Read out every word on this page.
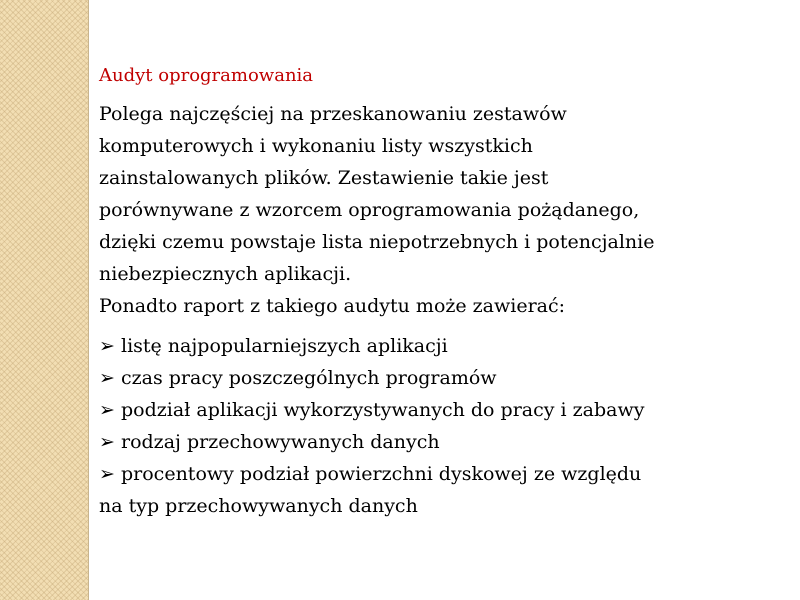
Audyt oprogramowania

Polega najczęściej na przeskanowaniu zestawów
komputerowych i wykonaniu listy wszystkich
zainstalowanych plików. Zestawienie takie jest
porównywane z wzorcem oprogramowania pożądanego,
dzięki czemu powstaje lista niepotrzebnych i potencjalnie
niebezpiecznych aplikacji.
Ponadto raport z takiego audytu może zawierać:

➢ listę najpopularniejszych aplikacji
➢ czas pracy poszczególnych programów
➢ podział aplikacji wykorzystywanych do pracy i zabawy
➢ rodzaj przechowywanych danych
➢ procentowy podział powierzchni dyskowej ze względu
na typ przechowywanych danych
